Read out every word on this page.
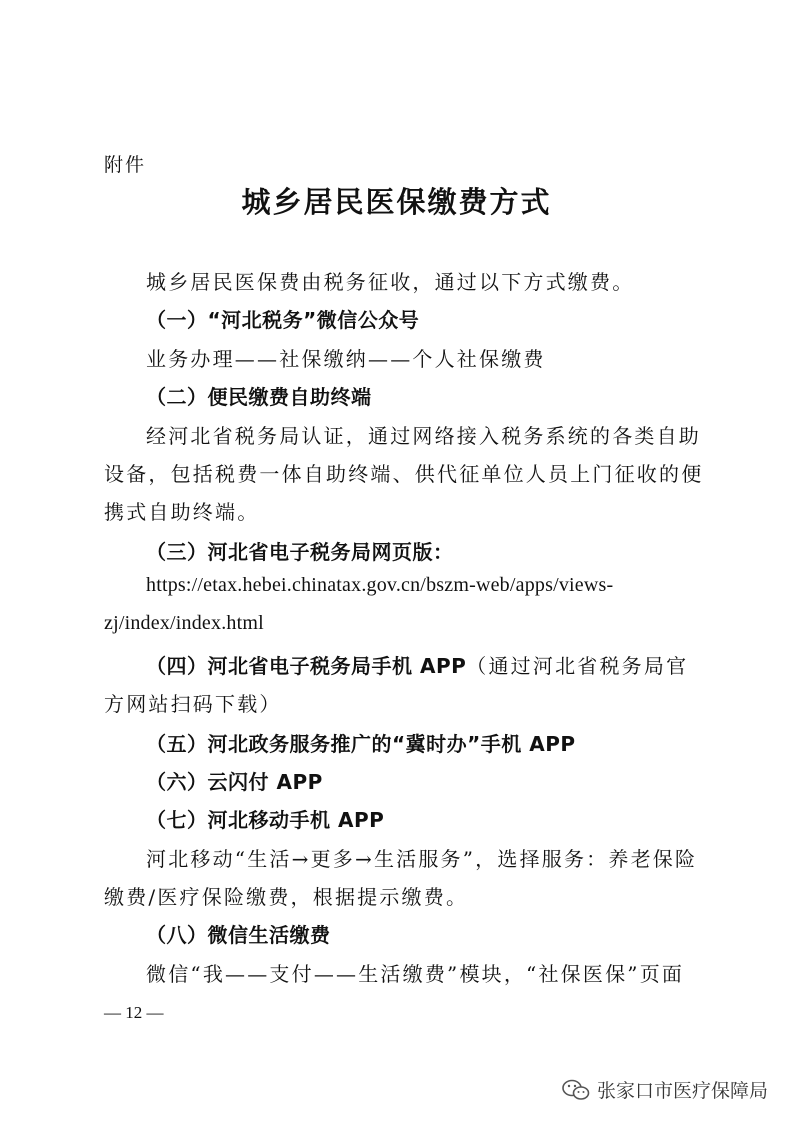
附件
城乡居民医保缴费方式
城乡居民医保费由税务征收，通过以下方式缴费。
（一）“河北税务”微信公众号
业务办理——社保缴纳——个人社保缴费
（二）便民缴费自助终端
经河北省税务局认证，通过网络接入税务系统的各类自助
设备，包括税费一体自助终端、供代征单位人员上门征收的便
携式自助终端。
（三）河北省电子税务局网页版：
https://etax.hebei.chinatax.gov.cn/bszm-web/apps/views-
zj/index/index.html
（四）河北省电子税务局手机 APP（通过河北省税务局官
方网站扫码下载）
（五）河北政务服务推广的“冀时办”手机 APP
（六）云闪付 APP
（七）河北移动手机 APP
河北移动“生活→更多→生活服务”，选择服务：养老保险
缴费/医疗保险缴费，根据提示缴费。
（八）微信生活缴费
微信“我——支付——生活缴费”模块，“社保医保”页面
— 12 —
张家口市医疗保障局
